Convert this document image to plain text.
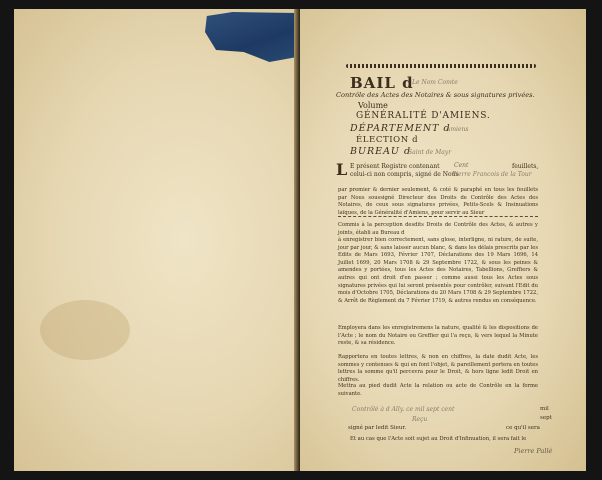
BAIL d
Le Nom Comte
Contrôle des Actes des Notaires & sous signatures privées.
Volume
GÉNÉRALITÉ D'AMIENS.
DÉPARTEMENT d
Amiens
ÉLECTION d
BUREAU d
Saint de Mayr
L E présent Registre contenant Cent	feuillets,
celui-ci non compris, signé de Nous
Pierre Francois de la Tour
par premier & dernier seulement, & coté & paraphé en tous les feuillets par Nous soussigné Directeur des Droits de Contrôle des Actes des Notaires, de ceux sous signatures privées, Petits-Scels & Insinuations laïques, de la Généralité d'Amiens, pour servir au Sieur
Commis à la perception desdits Droits de Contrôle des Actes, & autres y joints, établi au Bureau d
à enregistrer bien correctement, sans glose, interligne, ni rature, de suite, jour par jour, & sans laisser aucun blanc, & dans les délais prescrits par les Edits de Mars 1693, Février 1707, Déclarations des 19 Mars 1696, 14 Juillet 1699, 20 Mars 1708 & 29 Septembre 1722, & sous les peines & amendes y portées, tous les Actes des Notaires, Tabellions, Greffiers & autres qui ont droit d'en passer ; comme aussi tous les Actes sous signatures privées qui lui seront présentés pour contrôler, suivant l'Edit du mois d'Octobre 1705, Déclarations du 20 Mars 1708 & 29 Septembre 1722, & Arrêt de Règlement du 7 Février 1719, & autres rendus en conséquence.
Employera dans les enregistremens la nature, qualité & les dispositions de l'Acte ; le nom du Notaire ou Greffier qui l'a reçu, & vers lequel la Minute reste, & sa résidence.
Rapportera en toutes lettres, & non en chiffres, la date dudit Acte, les sommes y contenues & qui en font l'objet, & pareillement portera en toutes lettres la somme qu'il percevra pour le Droit, & hors ligne ledit Droit en chiffres.
Mettra au pied dudit Acte la relation ou acte de Contrôle en la forme suivante.
Contrôlé à d Ally. ce mil sept cent	mil
Reçu	sept
signé par ledit Sieur.	ce qu'il sera
Et au cas que l'Acte soit sujet au Droit d'Infinuation, il sera fait le
Pierre Pallé
